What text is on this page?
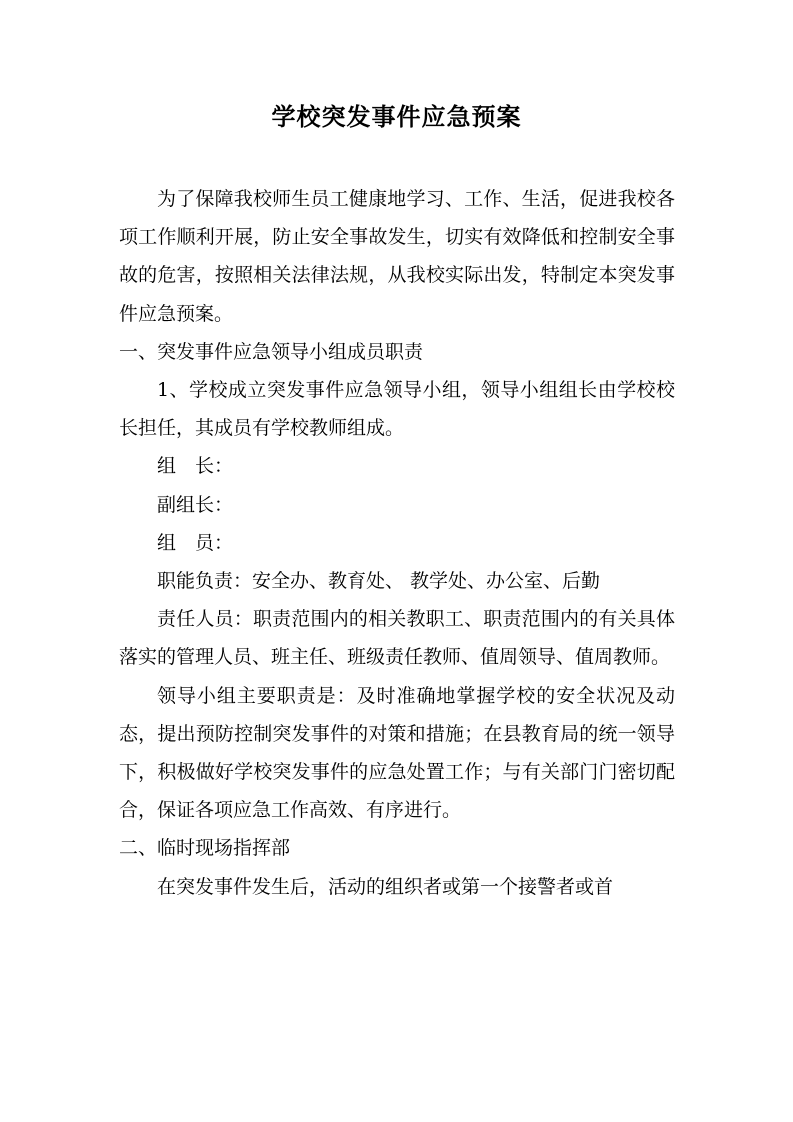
学校突发事件应急预案

为了保障我校师生员工健康地学习、工作、生活，促进我校各项工作顺利开展，防止安全事故发生，切实有效降低和控制安全事故的危害，按照相关法律法规，从我校实际出发，特制定本突发事件应急预案。

一、突发事件应急领导小组成员职责

1、学校成立突发事件应急领导小组，领导小组组长由学校校长担任，其成员有学校教师组成。

组　长：

副组长：

组　员：

职能负责：安全办、教育处、 教学处、办公室、后勤

责任人员：职责范围内的相关教职工、职责范围内的有关具体落实的管理人员、班主任、班级责任教师、值周领导、值周教师。

领导小组主要职责是：及时准确地掌握学校的安全状况及动态，提出预防控制突发事件的对策和措施；在县教育局的统一领导下，积极做好学校突发事件的应急处置工作；与有关部门门密切配合，保证各项应急工作高效、有序进行。

二、临时现场指挥部

在突发事件发生后，活动的组织者或第一个接警者或首
